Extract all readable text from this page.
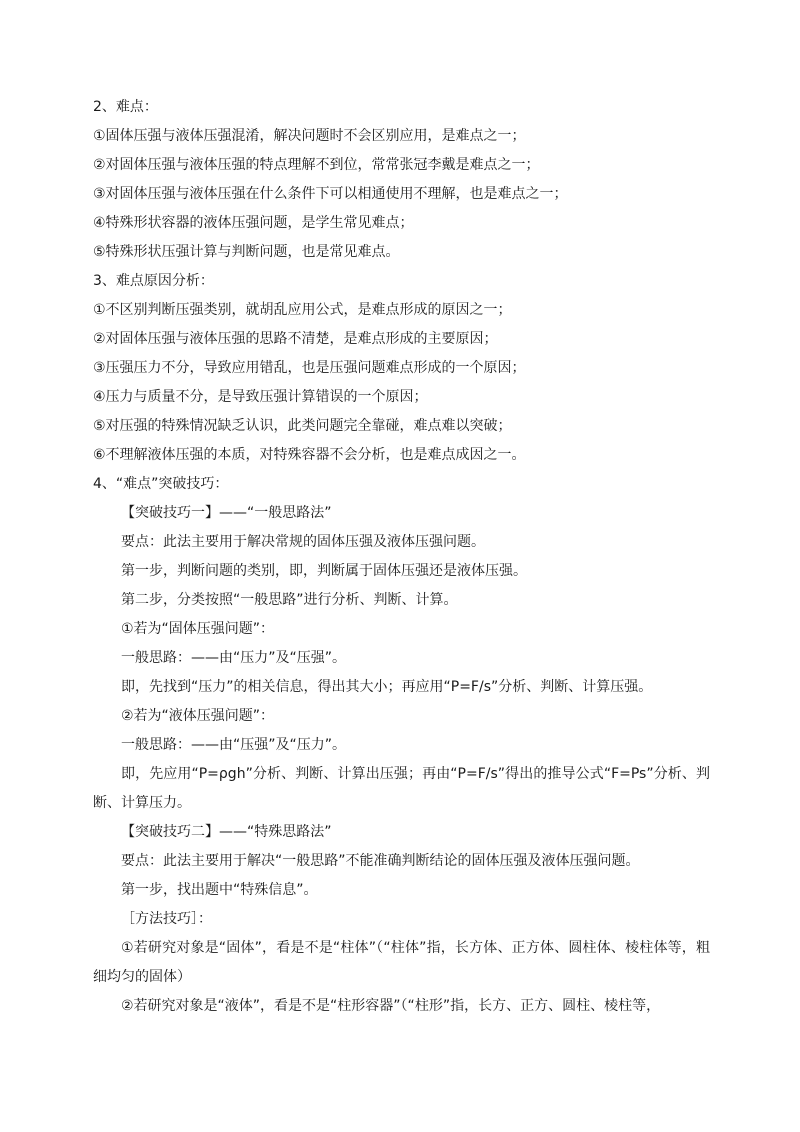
2、难点：
①固体压强与液体压强混淆，解决问题时不会区别应用，是难点之一；
②对固体压强与液体压强的特点理解不到位，常常张冠李戴是难点之一；
③对固体压强与液体压强在什么条件下可以相通使用不理解，也是难点之一；
④特殊形状容器的液体压强问题，是学生常见难点；
⑤特殊形状压强计算与判断问题，也是常见难点。
3、难点原因分析：
①不区别判断压强类别，就胡乱应用公式，是难点形成的原因之一；
②对固体压强与液体压强的思路不清楚，是难点形成的主要原因；
③压强压力不分，导致应用错乱，也是压强问题难点形成的一个原因；
④压力与质量不分，是导致压强计算错误的一个原因；
⑤对压强的特殊情况缺乏认识，此类问题完全靠碰，难点难以突破；
⑥不理解液体压强的本质，对特殊容器不会分析，也是难点成因之一。
4、“难点”突破技巧：
【突破技巧一】——“一般思路法”
要点：此法主要用于解决常规的固体压强及液体压强问题。
第一步，判断问题的类别，即，判断属于固体压强还是液体压强。
第二步，分类按照“一般思路”进行分析、判断、计算。
①若为“固体压强问题”：
一般思路：——由“压力”及“压强”。
即，先找到“压力”的相关信息，得出其大小；再应用“P=F/s”分析、判断、计算压强。
②若为“液体压强问题”：
一般思路：——由“压强”及“压力”。
即，先应用“P=ρgh”分析、判断、计算出压强；再由“P=F/s”得出的推导公式“F=Ps”分析、判断、计算压力。
【突破技巧二】——“特殊思路法”
要点：此法主要用于解决“一般思路”不能准确判断结论的固体压强及液体压强问题。
第一步，找出题中“特殊信息”。
［方法技巧］：
①若研究对象是“固体”，看是不是“柱体”（“柱体”指，长方体、正方体、圆柱体、棱柱体等，粗细均匀的固体）
②若研究对象是“液体”，看是不是“柱形容器”（“柱形”指，长方、正方、圆柱、棱柱等，
